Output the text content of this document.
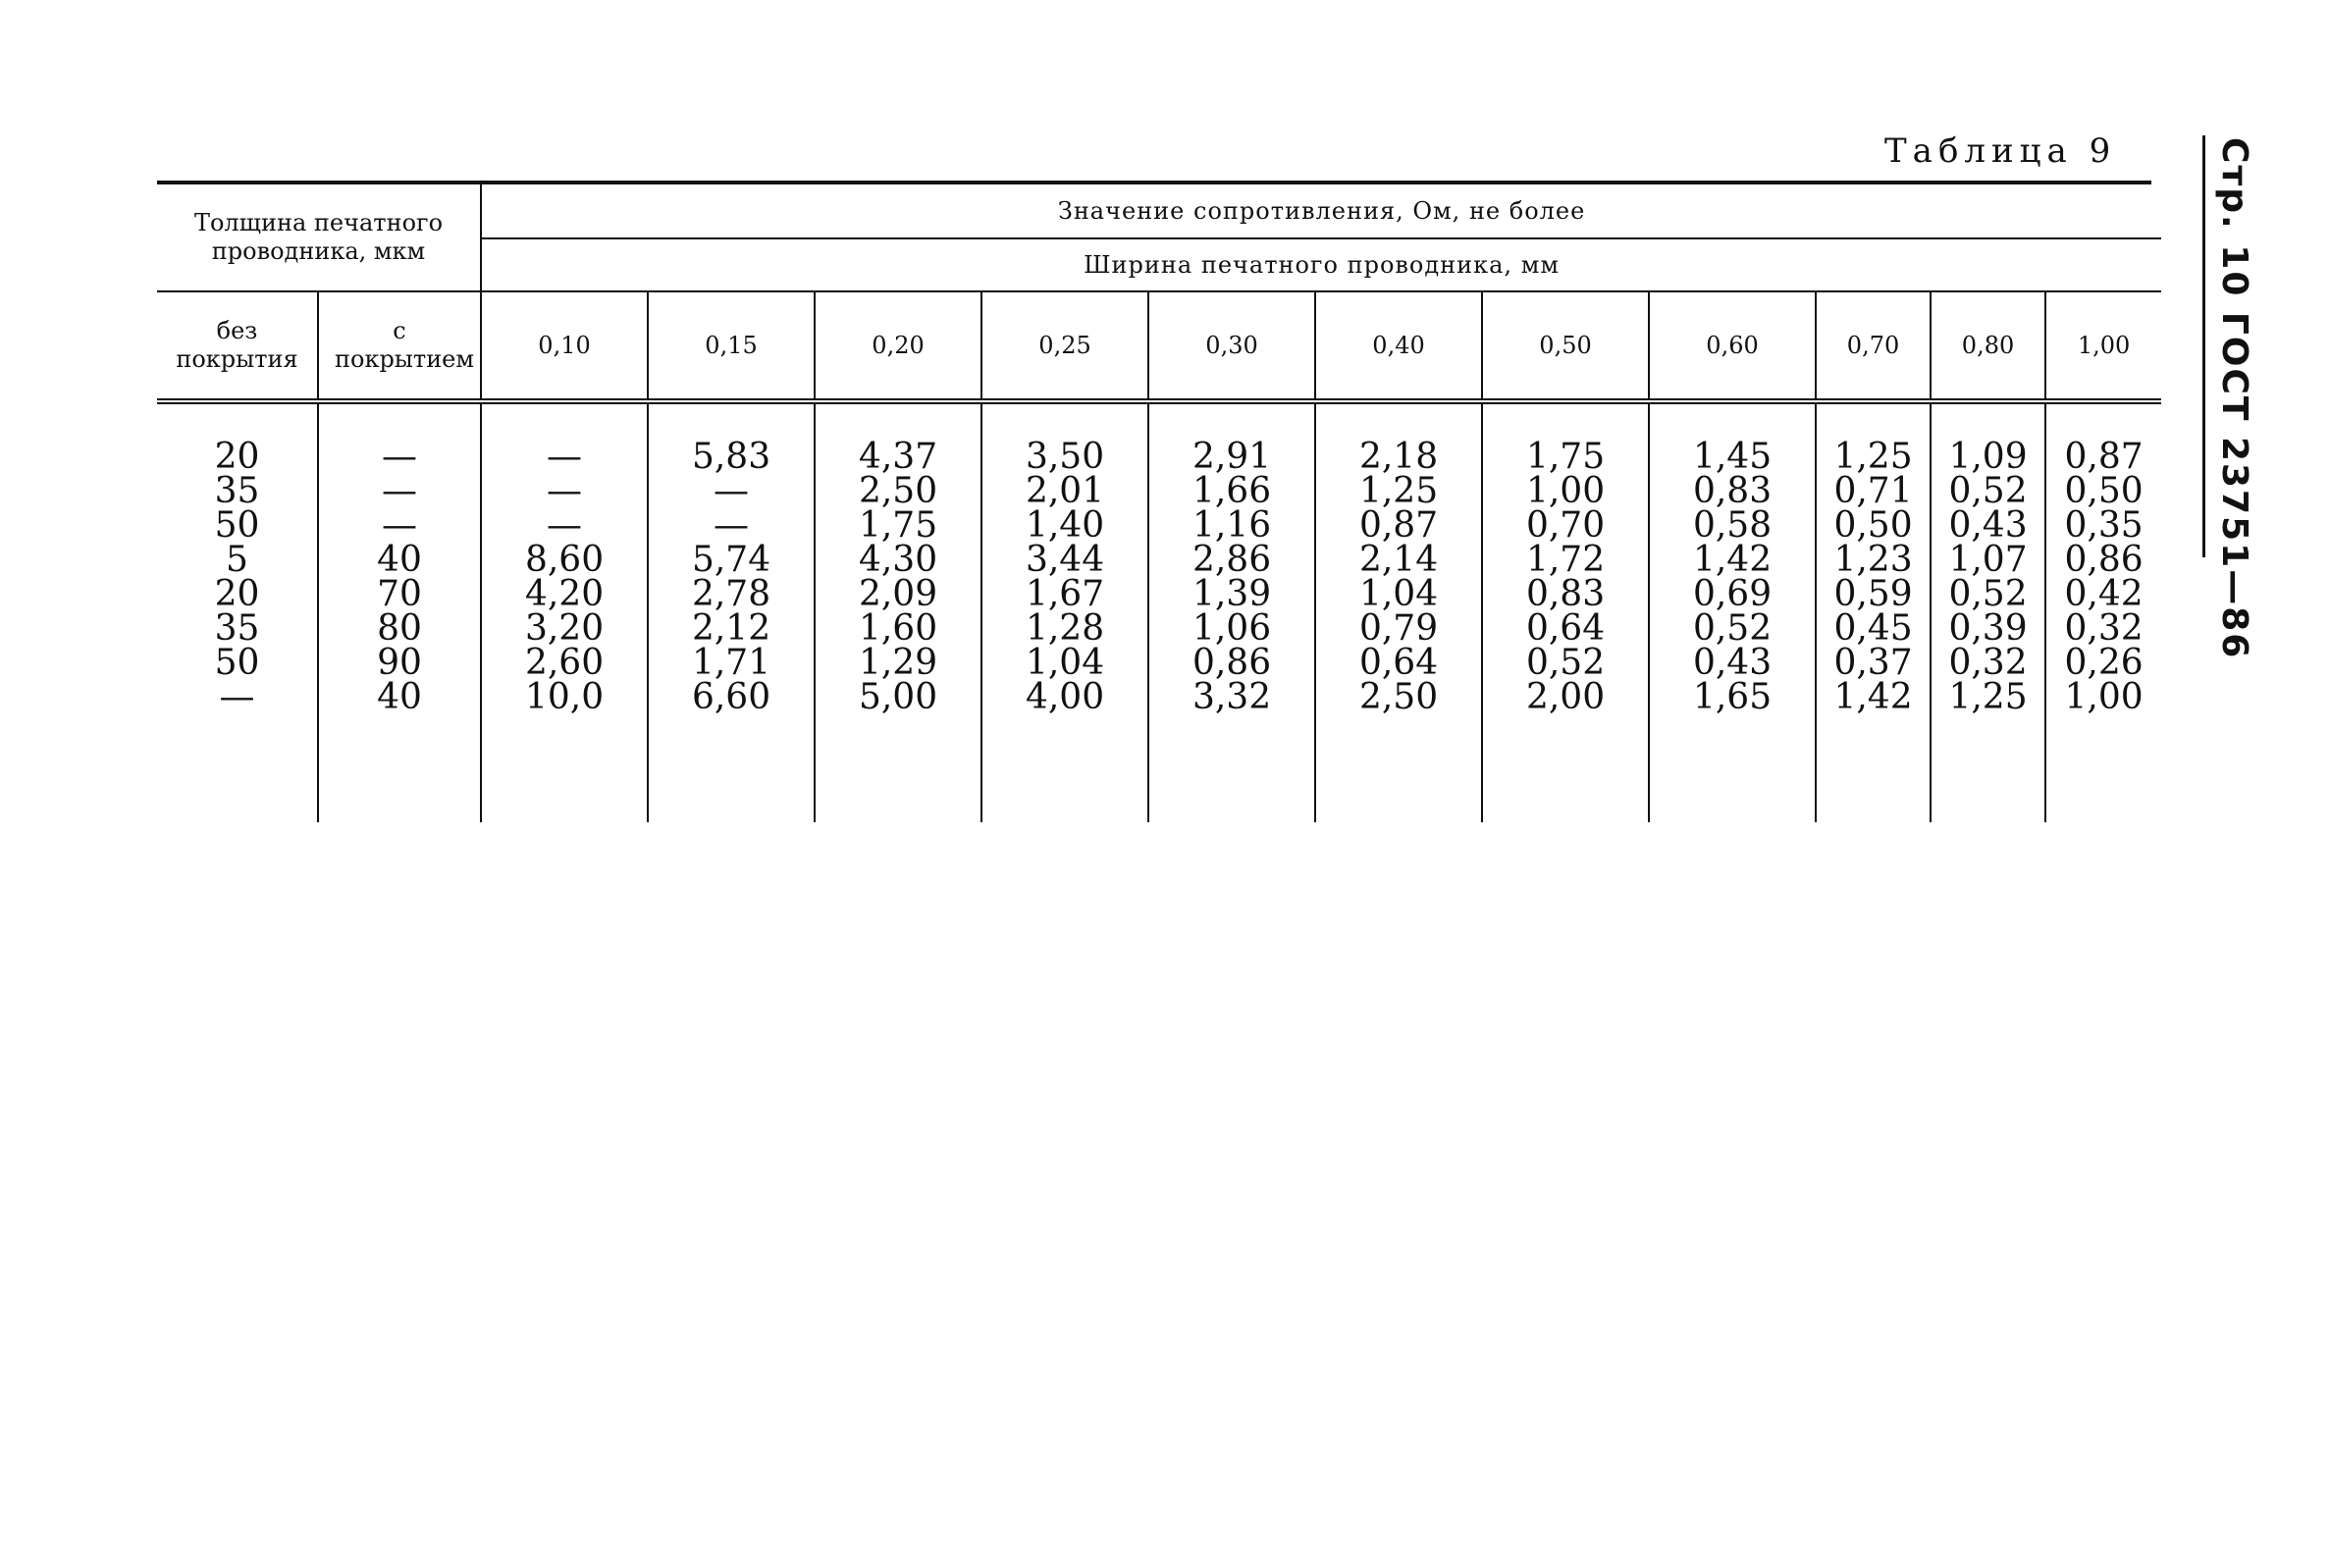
Таблица 9	Стр. 10 ГОСТ 23751—86
Толщина печатного проводника, мкм		Значение сопротивления, Ом, не более										
		Ширина печатного проводника, мм										
без покрытия	с покрытием	0,10	0,15	0,20	0,25	0,30	0,40	0,50	0,60	0,70	0,80	1,00
20	—	—	5,83	4,37	3,50	2,91	2,18	1,75	1,45	1,25	1,09	0,87
35	—	—	—	2,50	2,01	1,66	1,25	1,00	0,83	0,71	0,52	0,50
50	—	—	—	1,75	1,40	1,16	0,87	0,70	0,58	0,50	0,43	0,35
5	40	8,60	5,74	4,30	3,44	2,86	2,14	1,72	1,42	1,23	1,07	0,86
20	70	4,20	2,78	2,09	1,67	1,39	1,04	0,83	0,69	0,59	0,52	0,42
35	80	3,20	2,12	1,60	1,28	1,06	0,79	0,64	0,52	0,45	0,39	0,32
50	90	2,60	1,71	1,29	1,04	0,86	0,64	0,52	0,43	0,37	0,32	0,26
—	40	10,0	6,60	5,00	4,00	3,32	2,50	2,00	1,65	1,42	1,25	1,00
